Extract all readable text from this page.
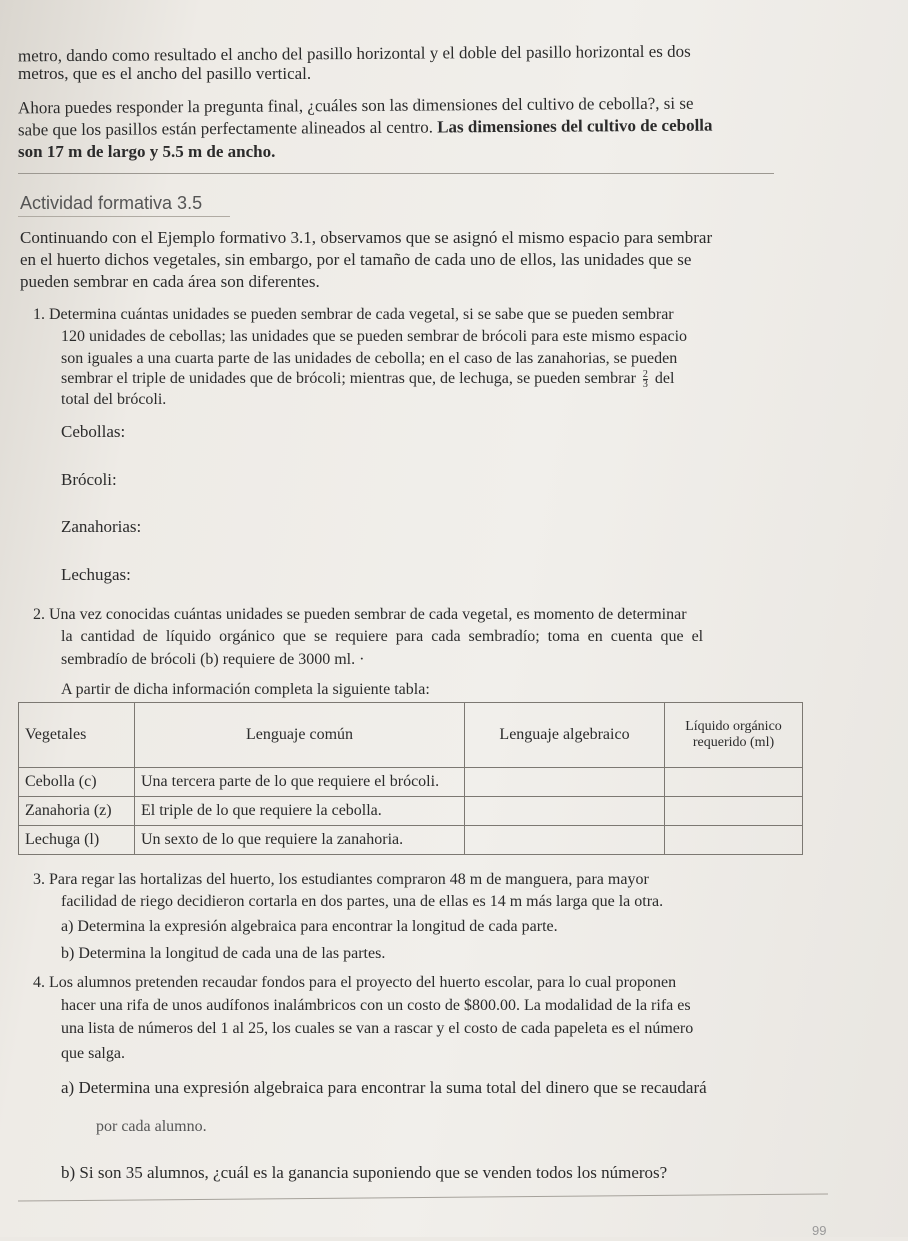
metro, dando como resultado el ancho del pasillo horizontal y el doble del pasillo horizontal es dos
metros, que es el ancho del pasillo vertical.
Ahora puedes responder la pregunta final, ¿cuáles son las dimensiones del cultivo de cebolla?, si se
sabe que los pasillos están perfectamente alineados al centro. Las dimensiones del cultivo de cebolla
son 17 m de largo y 5.5 m de ancho.
Actividad formativa 3.5
Continuando con el Ejemplo formativo 3.1, observamos que se asignó el mismo espacio para sembrar
en el huerto dichos vegetales, sin embargo, por el tamaño de cada uno de ellos, las unidades que se
pueden sembrar en cada área son diferentes.
1. Determina cuántas unidades se pueden sembrar de cada vegetal, si se sabe que se pueden sembrar
120 unidades de cebollas; las unidades que se pueden sembrar de brócoli para este mismo espacio
son iguales a una cuarta parte de las unidades de cebolla; en el caso de las zanahorias, se pueden
sembrar el triple de unidades que de brócoli; mientras que, de lechuga, se pueden sembrar $\frac{2}{3}$ del
total del brócoli.
Cebollas:
Brócoli:
Zanahorias:
Lechugas:
2. Una vez conocidas cuántas unidades se pueden sembrar de cada vegetal, es momento de determinar
la cantidad de líquido orgánico que se requiere para cada sembradío; toma en cuenta que el
sembradío de brócoli (b) requiere de 3000 ml. ·
A partir de dicha información completa la siguiente tabla:
Vegetales	Lenguaje común	Lenguaje algebraico	Líquido orgánico requerido (ml)
Cebolla (c)	Una tercera parte de lo que requiere el brócoli.		
Zanahoria (z)	El triple de lo que requiere la cebolla.		
Lechuga (l)	Un sexto de lo que requiere la zanahoria.		
3. Para regar las hortalizas del huerto, los estudiantes compraron 48 m de manguera, para mayor
facilidad de riego decidieron cortarla en dos partes, una de ellas es 14 m más larga que la otra.
a) Determina la expresión algebraica para encontrar la longitud de cada parte.
b) Determina la longitud de cada una de las partes.
4. Los alumnos pretenden recaudar fondos para el proyecto del huerto escolar, para lo cual proponen
hacer una rifa de unos audífonos inalámbricos con un costo de $800.00. La modalidad de la rifa es
una lista de números del 1 al 25, los cuales se van a rascar y el costo de cada papeleta es el número
que salga.
a) Determina una expresión algebraica para encontrar la suma total del dinero que se recaudará
por cada alumno.
b) Si son 35 alumnos, ¿cuál es la ganancia suponiendo que se venden todos los números?
99
